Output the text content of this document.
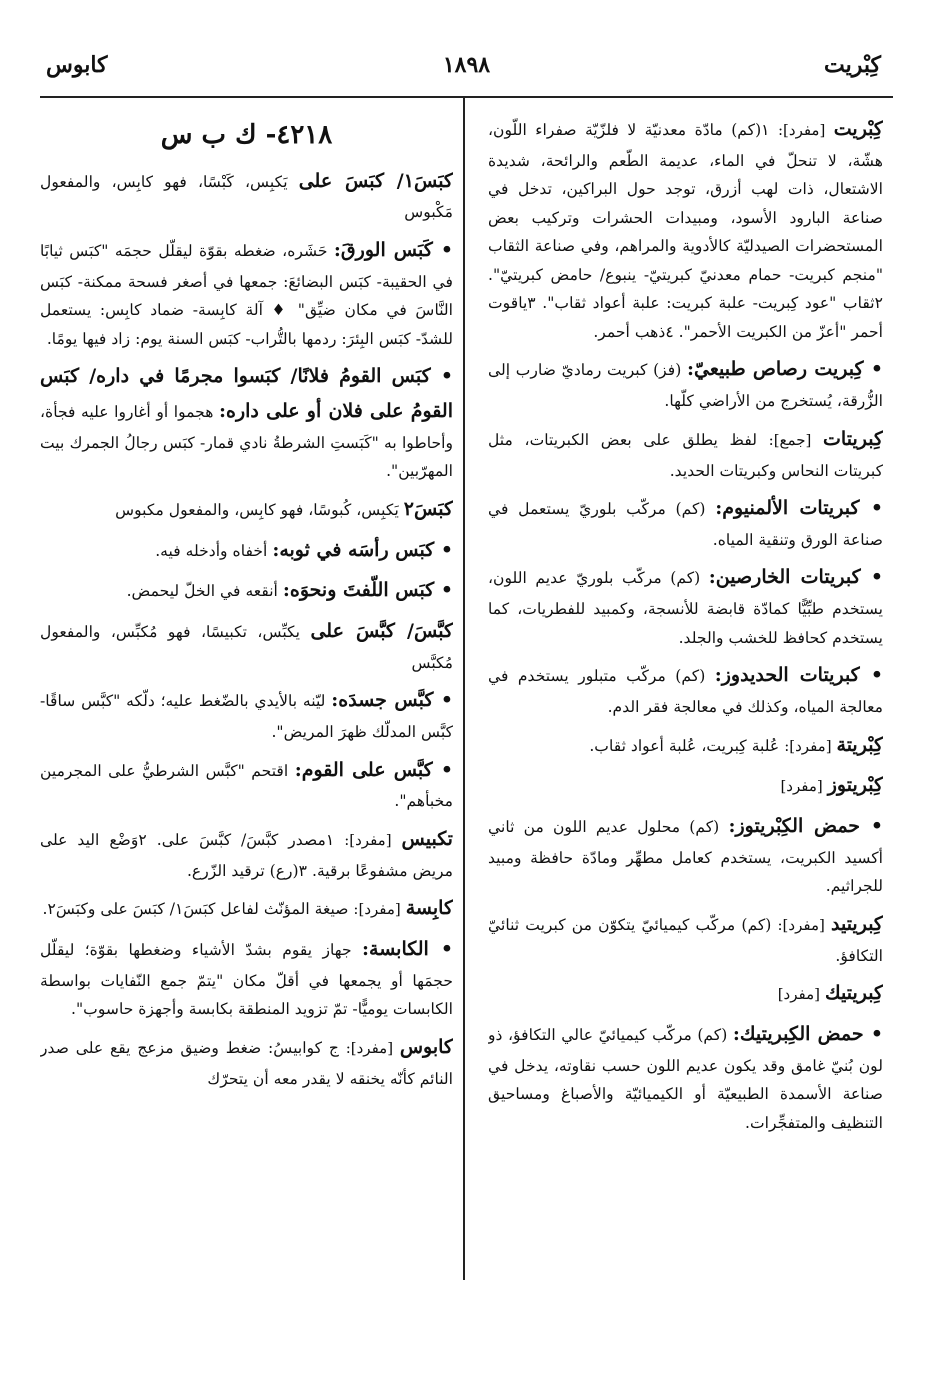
كِبْريت
١٨٩٨
كابوس
كِبْريت [مفرد]: ١(كم) مادّة معدنيّة لا فلزّيّة صفراء اللّون، هشّة، لا تنحلّ في الماء، عديمة الطّعم والرائحة، شديدة الاشتعال، ذات لهب أزرق، توجد حول البراكين، تدخل في صناعة البارود الأسود، ومبيدات الحشرات وتركيب بعض المستحضرات الصيدليّة كالأدوية والمراهم، وفي صناعة الثقاب "منجم كبريت- حمام معدنيّ كبريتيّ- ينبوع/ حامض كبريتيّ". ٢ثقاب "عود كِبريت- علبة كبريت: علبة أعواد ثقاب". ٣ياقوت أحمر "أعزّ من الكبريت الأحمر". ٤ذهب أحمر.
• كِبريت رصاص طبيعيّ: (فز) كبريت رماديّ ضارب إلى الزُّرقة، يُستخرج من الأراضي كلّها.
كِبريتات [جمع]: لفظ يطلق على بعض الكبريتات، مثل كبريتات النحاس وكبريتات الحديد.
• كبريتات الألمنيوم: (كم) مركّب بلوريّ يستعمل في صناعة الورق وتنقية المياه.
• كبريتات الخارصين: (كم) مركّب بلوريّ عديم اللون، يستخدم طبِّيًّا كمادّة قابضة للأنسجة، وكمبيد للفطريات، كما يستخدم كحافظ للخشب والجلد.
• كبريتات الحديدوز: (كم) مركّب متبلور يستخدم في معالجة المياه، وكذلك في معالجة فقر الدم.
كِبْريتة [مفرد]: عُلبة كِبريت، عُلبة أعواد ثقاب.
كِبْريتوز [مفرد]
• حمض الكِبْريتوز: (كم) محلول عديم اللون من ثاني أكسيد الكبريت، يستخدم كعامل مطهِّر ومادّة حافظة ومبيد للجراثيم.
كِبريتيد [مفرد]: (كم) مركّب كيميائيّ يتكوّن من كبريت ثنائيّ التكافؤ.
كِبريتيك [مفرد]
• حمض الكِبريتيك: (كم) مركّب كيميائيّ عالي التكافؤ، ذو لون بُنيّ غامق وقد يكون عديم اللون حسب نقاوته، يدخل في صناعة الأسمدة الطبيعيّة أو الكيميائيّة والأصباغ ومساحيق التنظيف والمتفجِّرات.
٤٢١٨- ك ب س
كبَسَ١/ كبَسَ على يَكبِس، كَبْسًا، فهو كابِس، والمفعول مَكْبوس
• كَبَس الورقَ: حَشَره، ضغطه بقوّة ليقلّل حجمَه "كبَس ثيابًا في الحقيبة- كبَس البضائعَ: جمعها في أصغر فسحة ممكنة- كبَس النَّاسَ في مكان ضيِّق" ♦ آلة كابِسة- ضماد كابِس: يستعمل للشدّ- كبَس البِئرَ: ردمها بالتُّراب- كبَس السنة يوم: زاد فيها يومًا.
• كبَس القومُ فلانًا/ كبَسوا مجرمًا في داره/ كبَس القومُ على فلان أو على داره: هجموا أو أغاروا عليه فجأة، وأحاطوا به "كَبَستِ الشرطةُ نادي قمار- كبَس رجالُ الجمرك بيت المهرّبين".
كبَسَ٢ يَكبِس، كُبوسًا، فهو كابِس، والمفعول مكبوس
• كبَس رأسَه في ثوبه: أخفاه وأدخله فيه.
• كبَس اللّفتَ ونحوَه: أنقعه في الخلّ ليحمض.
كبَّسَ/ كبَّسَ على يكبِّس، تكبيسًا، فهو مُكبِّس، والمفعول مُكبَّس
• كبَّس جسدَه: ليّنه بالأيدي بالضّغط عليه؛ دلّكه "كبَّس ساقًا- كبَّس المدلّك ظهرَ المريض".
• كبَّس على القوم: اقتحم "كبَّس الشرطيُّ على المجرمين مخبأهم".
تكبيس [مفرد]: ١مصدر كبَّسَ/ كبَّسَ على. ٢وَضْع اليد على مريض مشفوعًا برقية. ٣(رع) ترقيد الزّرع.
كابِسة [مفرد]: صيغة المؤنّث لفاعل كبَسَ١/ كبَسَ على وكبَسَ٢.
• الكابسة: جهاز يقوم بشدّ الأشياء وضغطها بقوّة؛ ليقلّل حجمَها أو يجمعها في أقلّ مكان "يتمّ جمع النّفايات بواسطة الكابسات يوميًّا- تمّ تزويد المنطقة بكابسة وأجهزة حاسوب".
كابوس [مفرد]: ج كوابيسُ: ضغط وضيق مزعج يقع على صدر النائم كأنّه يخنقه لا يقدر معه أن يتحرّك
